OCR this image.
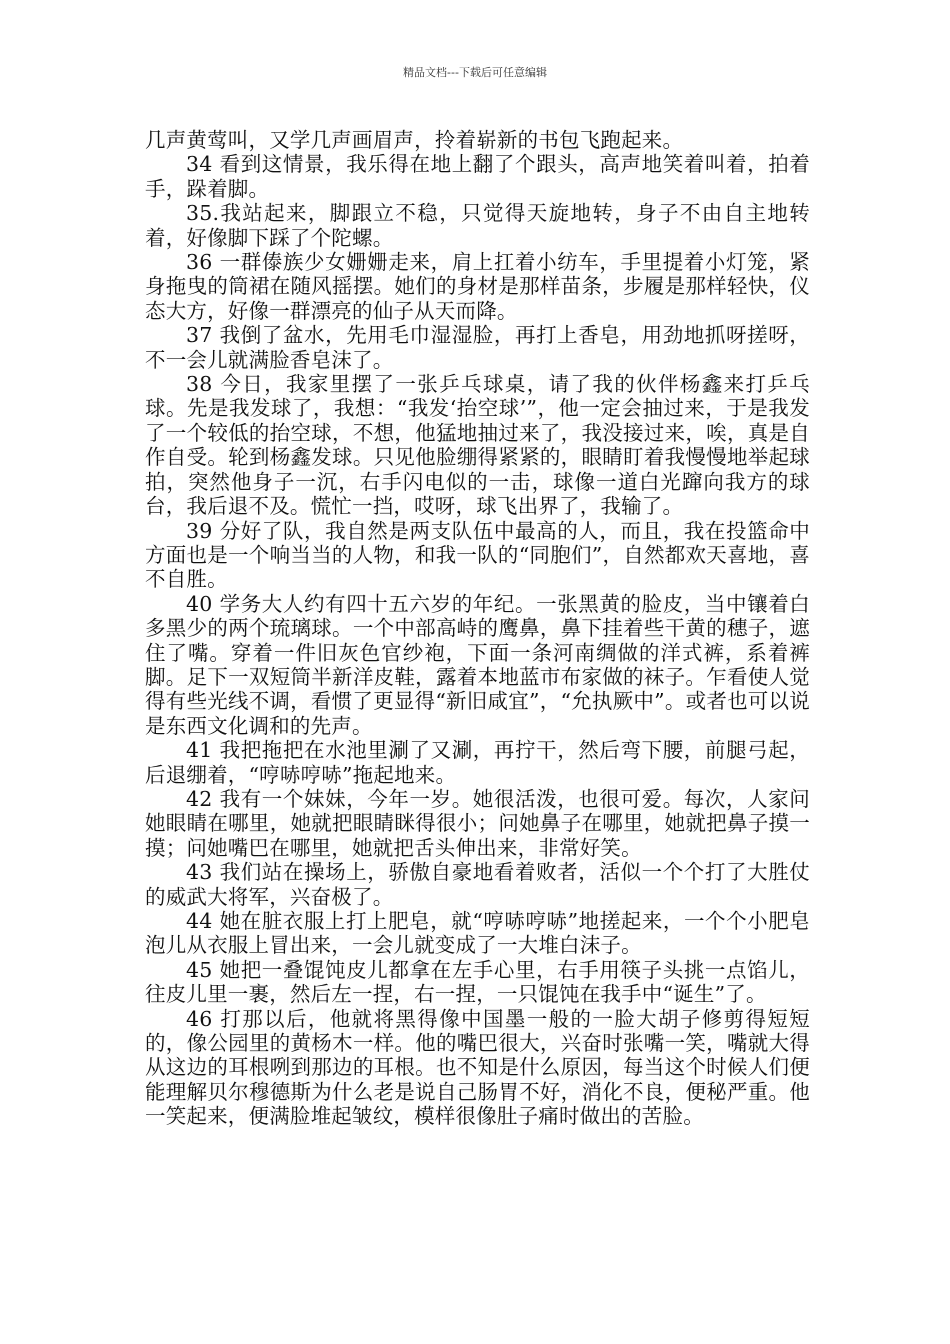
精品文档---下载后可任意编辑

几声黄莺叫，又学几声画眉声，拎着崭新的书包飞跑起来。

34 看到这情景，我乐得在地上翻了个跟头，高声地笑着叫着，拍着手，跺着脚。

35.我站起来，脚跟立不稳，只觉得天旋地转，身子不由自主地转着，好像脚下踩了个陀螺。

36 一群傣族少女姗姗走来，肩上扛着小纺车，手里提着小灯笼，紧身拖曳的筒裙在随风摇摆。她们的身材是那样苗条，步履是那样轻快，仪态大方，好像一群漂亮的仙子从天而降。

37 我倒了盆水，先用毛巾湿湿脸，再打上香皂，用劲地抓呀搓呀，不一会儿就满脸香皂沫了。

38 今日，我家里摆了一张乒乓球桌，请了我的伙伴杨鑫来打乒乓球。先是我发球了，我想：“我发‘抬空球’”，他一定会抽过来，于是我发了一个较低的抬空球，不想，他猛地抽过来了，我没接过来，唉，真是自作自受。轮到杨鑫发球。只见他脸绷得紧紧的，眼睛盯着我慢慢地举起球拍，突然他身子一沉，右手闪电似的一击，球像一道白光蹿向我方的球台，我后退不及。慌忙一挡，哎呀，球飞出界了，我输了。

39 分好了队，我自然是两支队伍中最高的人，而且，我在投篮命中方面也是一个响当当的人物，和我一队的“同胞们”，自然都欢天喜地，喜不自胜。

40 学务大人约有四十五六岁的年纪。一张黑黄的脸皮，当中镶着白多黑少的两个琉璃球。一个中部高峙的鹰鼻，鼻下挂着些干黄的穗子，遮住了嘴。穿着一件旧灰色官纱袍，下面一条河南绸做的洋式裤，系着裤脚。足下一双短筒半新洋皮鞋，露着本地蓝市布家做的袜子。乍看使人觉得有些光线不调，看惯了更显得“新旧咸宜”，“允执厥中”。或者也可以说是东西文化调和的先声。

41 我把拖把在水池里涮了又涮，再拧干，然后弯下腰，前腿弓起，后退绷着，“哼哧哼哧”拖起地来。

42 我有一个妹妹，今年一岁。她很活泼，也很可爱。每次，人家问她眼睛在哪里，她就把眼睛眯得很小；问她鼻子在哪里，她就把鼻子摸一摸；问她嘴巴在哪里，她就把舌头伸出来，非常好笑。

43 我们站在操场上，骄傲自豪地看着败者，活似一个个打了大胜仗的威武大将军，兴奋极了。

44 她在脏衣服上打上肥皂，就“哼哧哼哧”地搓起来，一个个小肥皂泡儿从衣服上冒出来，一会儿就变成了一大堆白沫子。

45 她把一叠馄饨皮儿都拿在左手心里，右手用筷子头挑一点馅儿，往皮儿里一裹，然后左一捏，右一捏，一只馄饨在我手中“诞生”了。

46 打那以后，他就将黑得像中国墨一般的一脸大胡子修剪得短短的，像公园里的黄杨木一样。他的嘴巴很大，兴奋时张嘴一笑，嘴就大得从这边的耳根咧到那边的耳根。也不知是什么原因，每当这个时候人们便能理解贝尔穆德斯为什么老是说自己肠胃不好，消化不良，便秘严重。他一笑起来，便满脸堆起皱纹，模样很像肚子痛时做出的苦脸。
